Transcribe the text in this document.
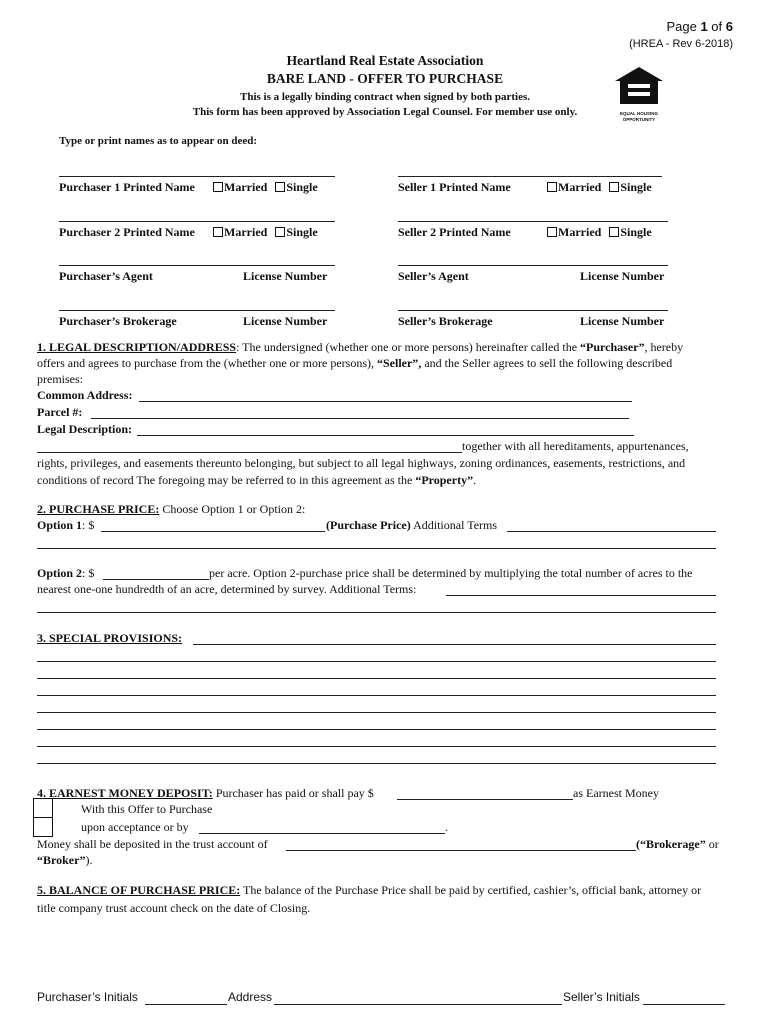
Page 1 of 6
(HREA - Rev 6-2018)
Heartland Real Estate Association
BARE LAND - OFFER TO PURCHASE
This is a legally binding contract when signed by both parties.
This form has been approved by Association Legal Counsel. For member use only.	EQUAL HOUSING
OPPORTUNITY
Type or print names as to appear on deed:
Purchaser 1 Printed Name	Married Single	Seller 1 Printed Name	Married Single
Purchaser 2 Printed Name	Married Single	Seller 2 Printed Name	Married Single
Purchaser’s Agent	License Number	Seller’s Agent	License Number
Purchaser’s Brokerage	License Number	Seller’s Brokerage	License Number
1. LEGAL DESCRIPTION/ADDRESS: The undersigned (whether one or more persons) hereinafter called the “Purchaser”, hereby
offers and agrees to purchase from the (whether one or more persons), “Seller”, and the Seller agrees to sell the following described
premises:
Common Address:
Parcel #:
Legal Description:
together with all hereditaments, appurtenances,
rights, privileges, and easements thereunto belonging, but subject to all legal highways, zoning ordinances, easements, restrictions, and
conditions of record The foregoing may be referred to in this agreement as the “Property”.
2. PURCHASE PRICE: Choose Option 1 or Option 2:
Option 1: $	(Purchase Price) Additional Terms
Option 2: $	per acre. Option 2-purchase price shall be determined by multiplying the total number of acres to the
nearest one-one hundredth of an acre, determined by survey. Additional Terms:
3. SPECIAL PROVISIONS:
4. EARNEST MONEY DEPOSIT: Purchaser has paid or shall pay $	as Earnest Money
With this Offer to Purchase
upon acceptance or by	.
Money shall be deposited in the trust account of	(“Brokerage” or
“Broker”).
5. BALANCE OF PURCHASE PRICE: The balance of the Purchase Price shall be paid by certified, cashier’s, official bank, attorney or
title company trust account check on the date of Closing.
Purchaser’s Initials	Address	Seller’s Initials
